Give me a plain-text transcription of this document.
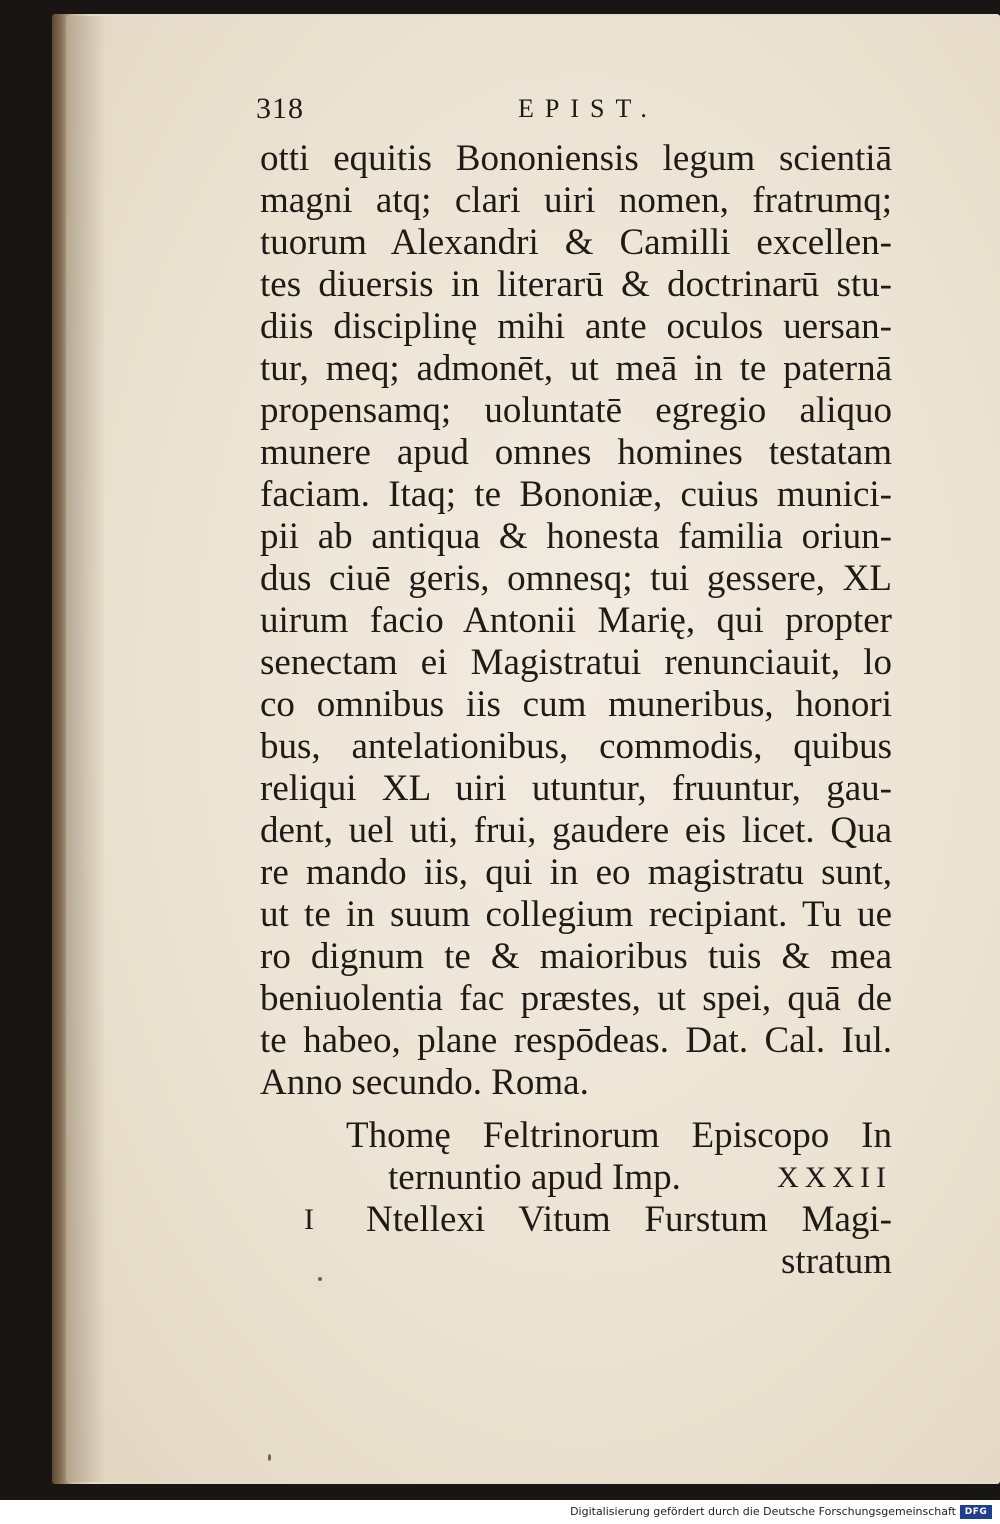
318	EPIST.
otti equitis Bononiensis legum scientiā
magni atq; clari uiri nomen, fratrumq;
tuorum Alexandri & Camilli excellen-
tes diuersis in literarū & doctrinarū stu-
diis disciplinę mihi ante oculos uersan-
tur, meq; admonēt, ut meā in te paternā
propensamq; uoluntatē egregio aliquo
munere apud omnes homines testatam
faciam. Itaq; te Bononiæ, cuius munici-
pii ab antiqua & honesta familia oriun-
dus ciuē geris, omnesq; tui gessere, XL
uirum facio Antonii Marię, qui propter
senectam ei Magistratui renunciauit, lo
co omnibus iis cum muneribus, honori
bus, antelationibus, commodis, quibus
reliqui XL uiri utuntur, fruuntur, gau-
dent, uel uti, frui, gaudere eis licet. Qua
re mando iis, qui in eo magistratu sunt,
ut te in suum collegium recipiant. Tu ue
ro dignum te & maioribus tuis & mea
beniuolentia fac præstes, ut spei, quā de
te habeo, plane respōdeas. Dat. Cal. Iul.
Anno secundo. Roma.
Thomę Feltrinorum Episcopo In
ternuntio apud Imp.	XXXII
I Ntellexi Vitum Furstum Magi-
stratum
Digitalisierung gefördert durch die Deutsche Forschungsgemeinschaft DFG
